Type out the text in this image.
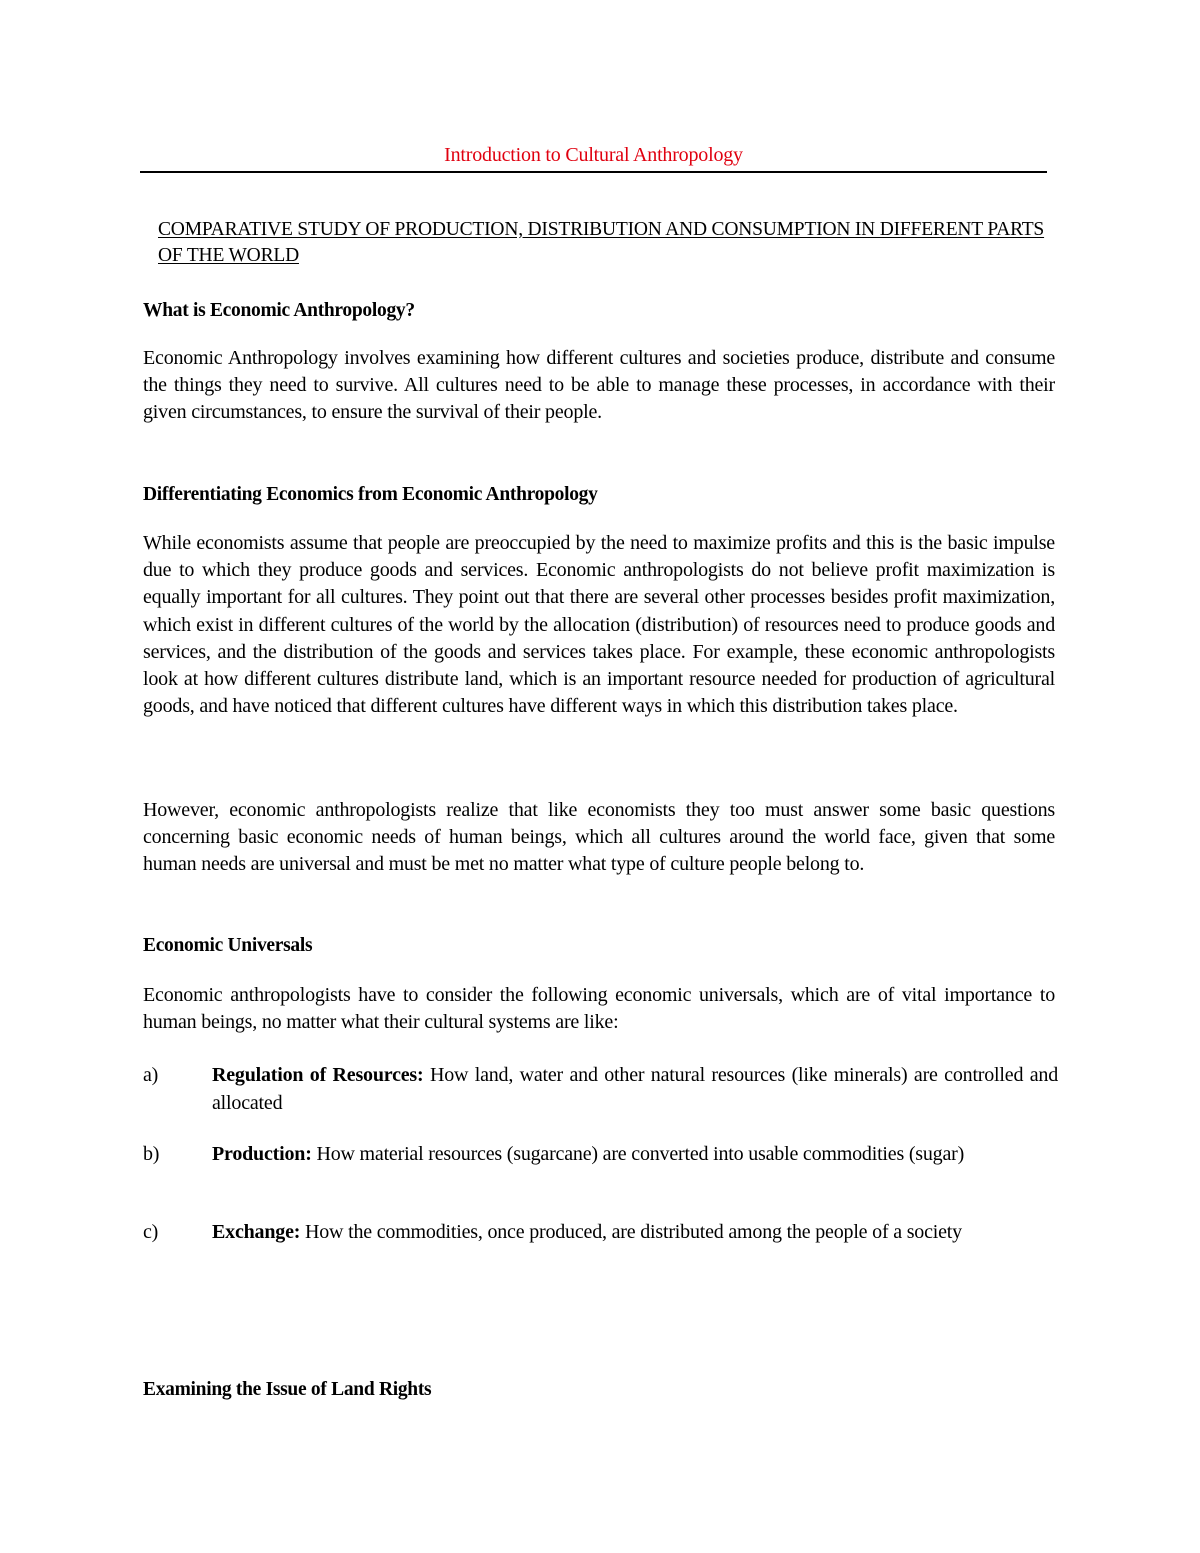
Introduction to Cultural Anthropology
COMPARATIVE STUDY OF PRODUCTION, DISTRIBUTION AND CONSUMPTION IN DIFFERENT PARTS OF THE WORLD
What is Economic Anthropology?
Economic Anthropology involves examining how different cultures and societies produce, distribute and consume the things they need to survive. All cultures need to be able to manage these processes, in accordance with their given circumstances, to ensure the survival of their people.
Differentiating Economics from Economic Anthropology
While economists assume that people are preoccupied by the need to maximize profits and this is the basic impulse due to which they produce goods and services. Economic anthropologists do not believe profit maximization is equally important for all cultures. They point out that there are several other processes besides profit maximization, which exist in different cultures of the world by the allocation (distribution) of resources need to produce goods and services, and the distribution of the goods and services takes place. For example, these economic anthropologists look at how different cultures distribute land, which is an important resource needed for production of agricultural goods, and have noticed that different cultures have different ways in which this distribution takes place.
However, economic anthropologists realize that like economists they too must answer some basic questions concerning basic economic needs of human beings, which all cultures around the world face, given that some human needs are universal and must be met no matter what type of culture people belong to.
Economic Universals
Economic anthropologists have to consider the following economic universals, which are of vital importance to human beings, no matter what their cultural systems are like:
a)	Regulation of Resources: How land, water and other natural resources (like minerals) are controlled and allocated
b)	Production: How material resources (sugarcane) are converted into usable commodities (sugar)
c)	Exchange: How the commodities, once produced, are distributed among the people of a society
Examining the Issue of Land Rights
